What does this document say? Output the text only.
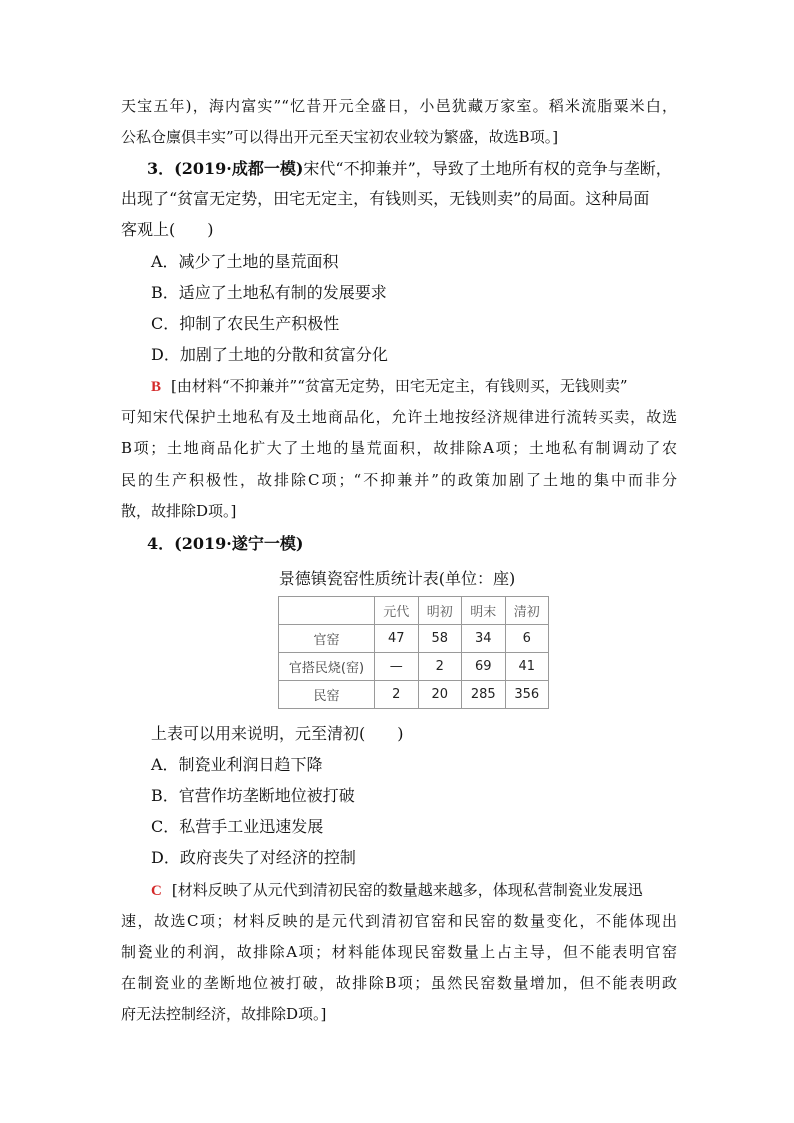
天宝五年)，海内富实”“忆昔开元全盛日，小邑犹藏万家室。稻米流脂粟米白，
公私仓廪俱丰实”可以得出开元至天宝初农业较为繁盛，故选B项。]
3．(2019·成都一模)宋代“不抑兼并”，导致了土地所有权的竞争与垄断，
出现了“贫富无定势，田宅无定主，有钱则买，无钱则卖”的局面。这种局面
客观上(　　)
A．减少了土地的垦荒面积
B．适应了土地私有制的发展要求
C．抑制了农民生产积极性
D．加剧了土地的分散和贫富分化
B [由材料“不抑兼并”“贫富无定势，田宅无定主，有钱则买，无钱则卖”
可知宋代保护土地私有及土地商品化，允许土地按经济规律进行流转买卖，故选
B项；土地商品化扩大了土地的垦荒面积，故排除A项；土地私有制调动了农
民的生产积极性，故排除C项；“不抑兼并”的政策加剧了土地的集中而非分
散，故排除D项。]
4．(2019·遂宁一模)
景德镇瓷窑性质统计表(单位：座)
	元代	明初	明末	清初
官窑	47	58	34	6
官搭民烧(窑)	—	2	69	41
民窑	2	20	285	356
上表可以用来说明，元至清初(　　)
A．制瓷业利润日趋下降
B．官营作坊垄断地位被打破
C．私营手工业迅速发展
D．政府丧失了对经济的控制
C [材料反映了从元代到清初民窑的数量越来越多，体现私营制瓷业发展迅
速，故选C项；材料反映的是元代到清初官窑和民窑的数量变化，不能体现出
制瓷业的利润，故排除A项；材料能体现民窑数量上占主导，但不能表明官窑
在制瓷业的垄断地位被打破，故排除B项；虽然民窑数量增加，但不能表明政
府无法控制经济，故排除D项。]
